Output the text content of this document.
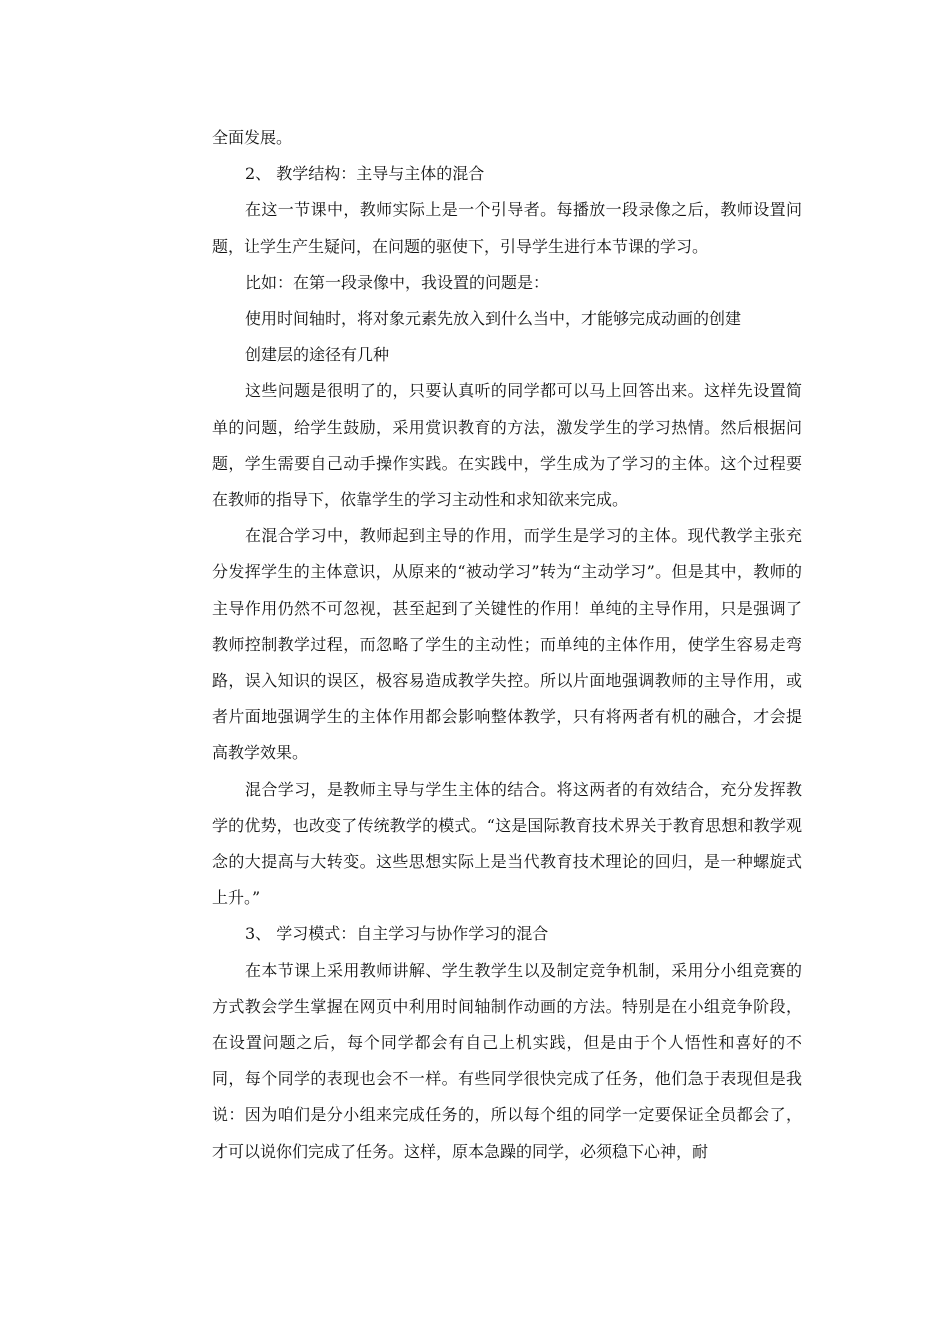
全面发展。

2、 教学结构：主导与主体的混合

在这一节课中，教师实际上是一个引导者。每播放一段录像之后，教师设置问题，让学生产生疑问，在问题的驱使下，引导学生进行本节课的学习。

比如：在第一段录像中，我设置的问题是：

使用时间轴时，将对象元素先放入到什么当中，才能够完成动画的创建

创建层的途径有几种

这些问题是很明了的，只要认真听的同学都可以马上回答出来。这样先设置简单的问题，给学生鼓励，采用赏识教育的方法，激发学生的学习热情。然后根据问题，学生需要自己动手操作实践。在实践中，学生成为了学习的主体。这个过程要在教师的指导下，依靠学生的学习主动性和求知欲来完成。

在混合学习中，教师起到主导的作用，而学生是学习的主体。现代教学主张充分发挥学生的主体意识，从原来的“被动学习”转为“主动学习”。但是其中，教师的主导作用仍然不可忽视，甚至起到了关键性的作用！单纯的主导作用，只是强调了教师控制教学过程，而忽略了学生的主动性；而单纯的主体作用，使学生容易走弯路，误入知识的误区，极容易造成教学失控。所以片面地强调教师的主导作用，或者片面地强调学生的主体作用都会影响整体教学，只有将两者有机的融合，才会提高教学效果。

混合学习，是教师主导与学生主体的结合。将这两者的有效结合，充分发挥教学的优势，也改变了传统教学的模式。“这是国际教育技术界关于教育思想和教学观念的大提高与大转变。这些思想实际上是当代教育技术理论的回归，是一种螺旋式上升。”

3、 学习模式：自主学习与协作学习的混合

在本节课上采用教师讲解、学生教学生以及制定竞争机制，采用分小组竞赛的方式教会学生掌握在网页中利用时间轴制作动画的方法。特别是在小组竞争阶段，在设置问题之后，每个同学都会有自己上机实践，但是由于个人悟性和喜好的不同，每个同学的表现也会不一样。有些同学很快完成了任务，他们急于表现但是我说：因为咱们是分小组来完成任务的，所以每个组的同学一定要保证全员都会了，才可以说你们完成了任务。这样，原本急躁的同学，必须稳下心神，耐
